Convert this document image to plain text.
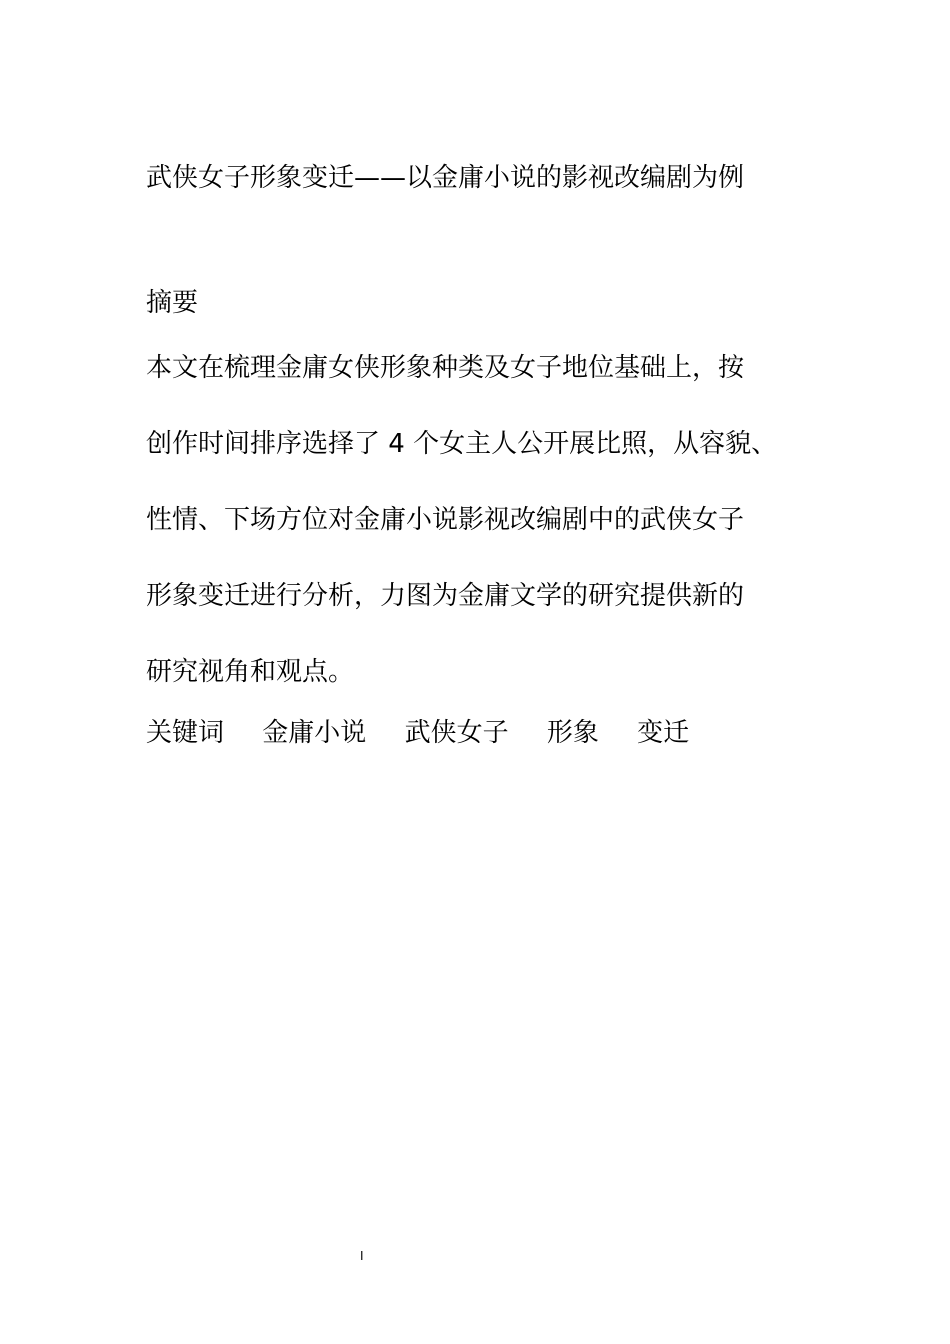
武侠女子形象变迁——以金庸小说的影视改编剧为例
摘要
本文在梳理金庸女侠形象种类及女子地位基础上，按
创作时间排序选择了 4 个女主人公开展比照，从容貌、
性情、下场方位对金庸小说影视改编剧中的武侠女子
形象变迁进行分析，力图为金庸文学的研究提供新的
研究视角和观点。
关键词 金庸小说 武侠女子 形象 变迁
I
